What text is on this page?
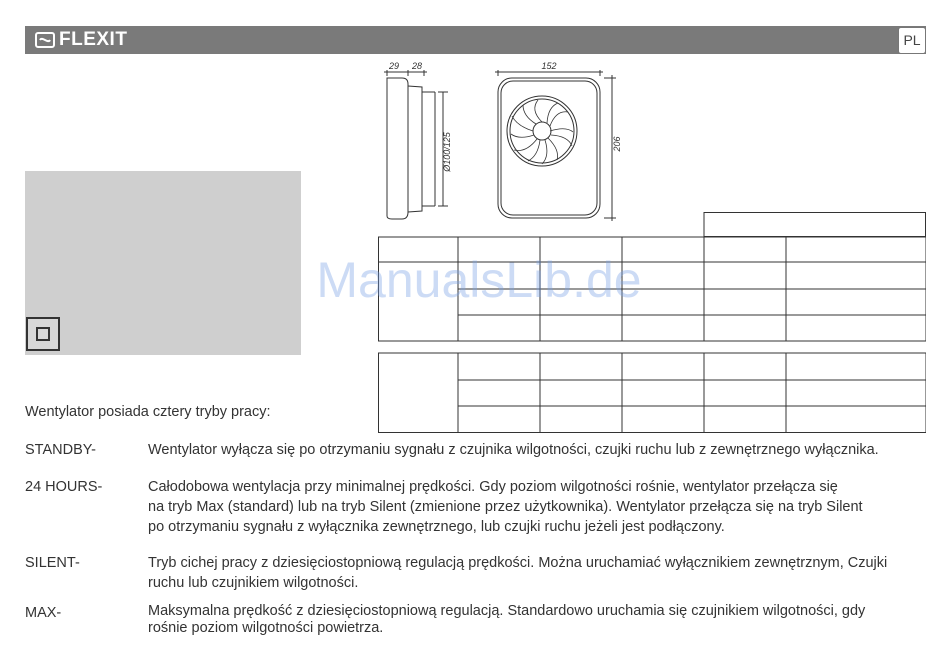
FLEXIT	PL
29 28
Ø100/125
152
206
ManualsLib.de
Wentylator posiada cztery tryby pracy:
STANDBY-	Wentylator wyłącza się po otrzymaniu sygnału z czujnika wilgotności, czujki ruchu lub z zewnętrznego wyłącznika.
24 HOURS-	Całodobowa wentylacja przy minimalnej prędkości. Gdy poziom wilgotności rośnie, wentylator przełącza się
na tryb Max (standard) lub na tryb Silent (zmienione przez użytkownika). Wentylator przełącza się na tryb Silent
po otrzymaniu sygnału z wyłącznika zewnętrznego, lub czujki ruchu jeżeli jest podłączony.
SILENT-	Tryb cichej pracy z dziesięciostopniową regulacją prędkości. Można uruchamiać wyłącznikiem zewnętrznym, Czujki
ruchu lub czujnikiem wilgotności.
MAX-	Maksymalna prędkość z dziesięciostopniową regulacją. Standardowo uruchamia się czujnikiem wilgotności, gdy
rośnie poziom wilgotności powietrza.
